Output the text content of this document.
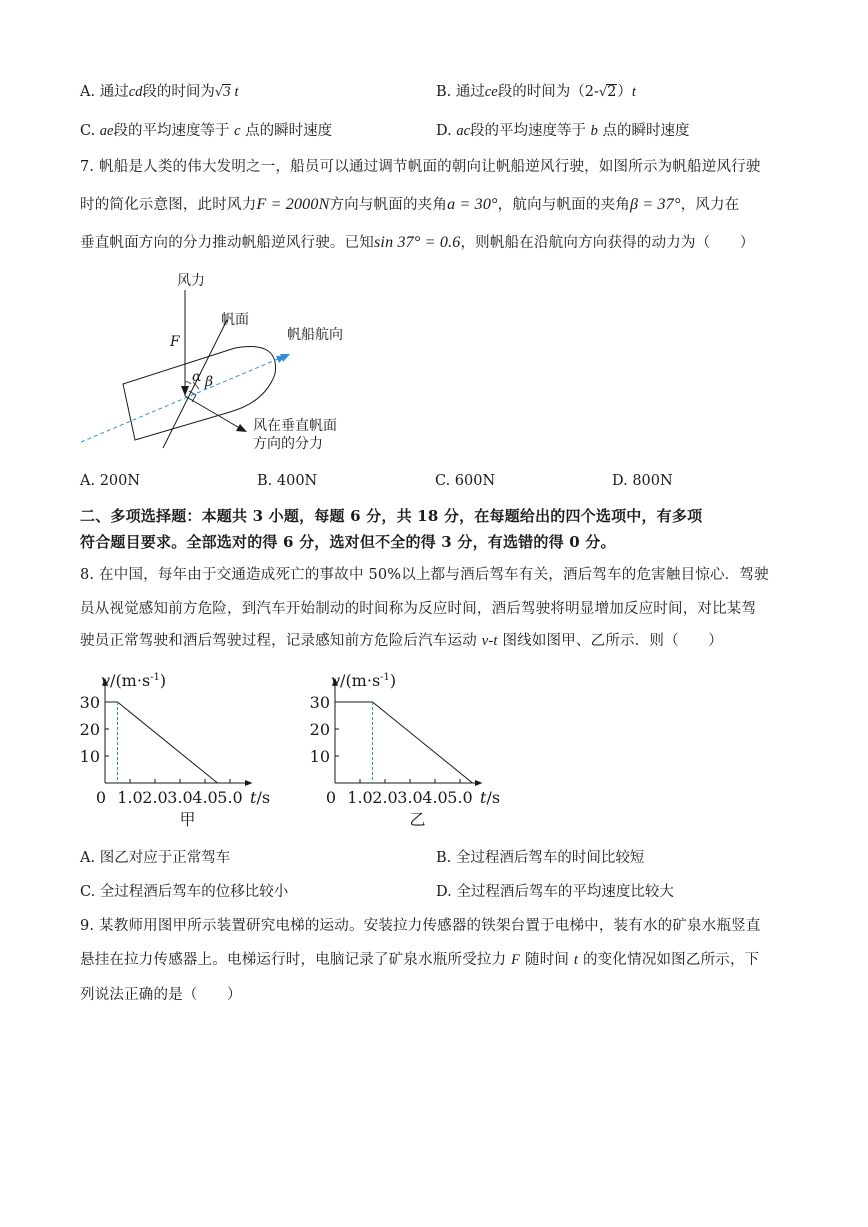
A. 通过cd段的时间为√3 t	B. 通过ce段的时间为（2-√2）t
C. ae段的平均速度等于 c 点的瞬时速度	D. ac段的平均速度等于 b 点的瞬时速度
7. 帆船是人类的伟大发明之一，船员可以通过调节帆面的朝向让帆船逆风行驶，如图所示为帆船逆风行驶
时的简化示意图，此时风力F = 2000N方向与帆面的夹角a = 30°，航向与帆面的夹角β = 37°，风力在
垂直帆面方向的分力推动帆船逆风行驶。已知sin 37° = 0.6，则帆船在沿航向方向获得的动力为（　　）
风力
帆面
帆船航向
F
α β
风在垂直帆面
方向的分力
A. 200N	B. 400N	C. 600N	D. 800N
二、多项选择题：本题共 3 小题，每题 6 分，共 18 分，在每题给出的四个选项中，有多项
符合题目要求。全部选对的得 6 分，选对但不全的得 3 分，有选错的得 0 分。
8. 在中国，每年由于交通造成死亡的事故中 50%以上都与酒后驾车有关，酒后驾车的危害触目惊心．驾驶
员从视觉感知前方危险，到汽车开始制动的时间称为反应时间，酒后驾驶将明显增加反应时间，对比某驾
驶员正常驾驶和酒后驾驶过程，记录感知前方危险后汽车运动 v-t 图线如图甲、乙所示．则（　　）
10
20
30
0 1.0 2.0 3.0 4.0 5.0
$v/(m\cdot s^{-1})$
t/s
甲
10
20
30
0 1.0 2.0 3.0 4.0 5.0
$v/(m\cdot s^{-1})$
t/s
乙
A. 图乙对应于正常驾车	B. 全过程酒后驾车的时间比较短
C. 全过程酒后驾车的位移比较小	D. 全过程酒后驾车的平均速度比较大
9. 某教师用图甲所示装置研究电梯的运动。安装拉力传感器的铁架台置于电梯中，装有水的矿泉水瓶竖直
悬挂在拉力传感器上。电梯运行时，电脑记录了矿泉水瓶所受拉力 F 随时间 t 的变化情况如图乙所示，下
列说法正确的是（　　）
